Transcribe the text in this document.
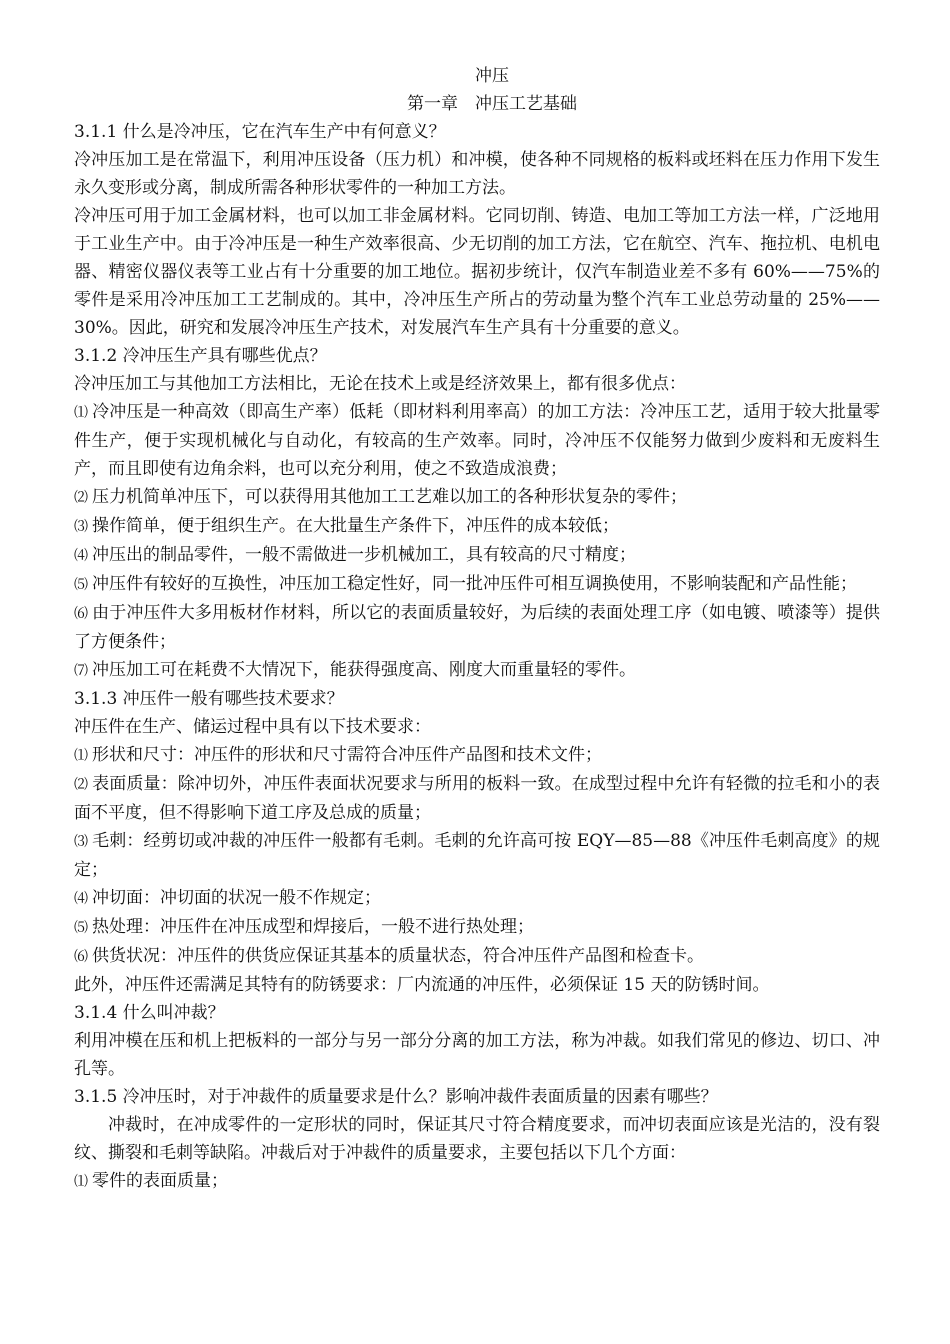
冲压

第一章　冲压工艺基础

3.1.1 什么是冷冲压，它在汽车生产中有何意义？

冷冲压加工是在常温下，利用冲压设备（压力机）和冲模，使各种不同规格的板料或坯料在压力作用下发生永久变形或分离，制成所需各种形状零件的一种加工方法。

冷冲压可用于加工金属材料，也可以加工非金属材料。它同切削、铸造、电加工等加工方法一样，广泛地用于工业生产中。由于冷冲压是一种生产效率很高、少无切削的加工方法，它在航空、汽车、拖拉机、电机电器、精密仪器仪表等工业占有十分重要的加工地位。据初步统计，仅汽车制造业差不多有 60%——75%的零件是采用冷冲压加工工艺制成的。其中，冷冲压生产所占的劳动量为整个汽车工业总劳动量的 25%——30%。因此，研究和发展冷冲压生产技术，对发展汽车生产具有十分重要的意义。

3.1.2 冷冲压生产具有哪些优点？

冷冲压加工与其他加工方法相比，无论在技术上或是经济效果上，都有很多优点：

⑴ 冷冲压是一种高效（即高生产率）低耗（即材料利用率高）的加工方法：冷冲压工艺，适用于较大批量零件生产，便于实现机械化与自动化，有较高的生产效率。同时，冷冲压不仅能努力做到少废料和无废料生产，而且即使有边角余料，也可以充分利用，使之不致造成浪费；

⑵ 压力机简单冲压下，可以获得用其他加工工艺难以加工的各种形状复杂的零件；

⑶ 操作简单，便于组织生产。在大批量生产条件下，冲压件的成本较低；

⑷ 冲压出的制品零件，一般不需做进一步机械加工，具有较高的尺寸精度；

⑸ 冲压件有较好的互换性，冲压加工稳定性好，同一批冲压件可相互调换使用，不影响装配和产品性能；

⑹ 由于冲压件大多用板材作材料，所以它的表面质量较好，为后续的表面处理工序（如电镀、喷漆等）提供了方便条件；

⑺ 冲压加工可在耗费不大情况下，能获得强度高、刚度大而重量轻的零件。

3.1.3 冲压件一般有哪些技术要求？

冲压件在生产、储运过程中具有以下技术要求：

⑴ 形状和尺寸：冲压件的形状和尺寸需符合冲压件产品图和技术文件；

⑵ 表面质量：除冲切外，冲压件表面状况要求与所用的板料一致。在成型过程中允许有轻微的拉毛和小的表面不平度，但不得影响下道工序及总成的质量；

⑶ 毛刺：经剪切或冲裁的冲压件一般都有毛刺。毛刺的允许高可按 EQY—85—88《冲压件毛刺高度》的规定；

⑷ 冲切面：冲切面的状况一般不作规定；

⑸ 热处理：冲压件在冲压成型和焊接后，一般不进行热处理；

⑹ 供货状况：冲压件的供货应保证其基本的质量状态，符合冲压件产品图和检查卡。

此外，冲压件还需满足其特有的防锈要求：厂内流通的冲压件，必须保证 15 天的防锈时间。

3.1.4 什么叫冲裁？

利用冲模在压和机上把板料的一部分与另一部分分离的加工方法，称为冲裁。如我们常见的修边、切口、冲孔等。

3.1.5 冷冲压时，对于冲裁件的质量要求是什么？影响冲裁件表面质量的因素有哪些？

冲裁时，在冲成零件的一定形状的同时，保证其尺寸符合精度要求，而冲切表面应该是光洁的，没有裂纹、撕裂和毛刺等缺陷。冲裁后对于冲裁件的质量要求，主要包括以下几个方面：

⑴ 零件的表面质量；
